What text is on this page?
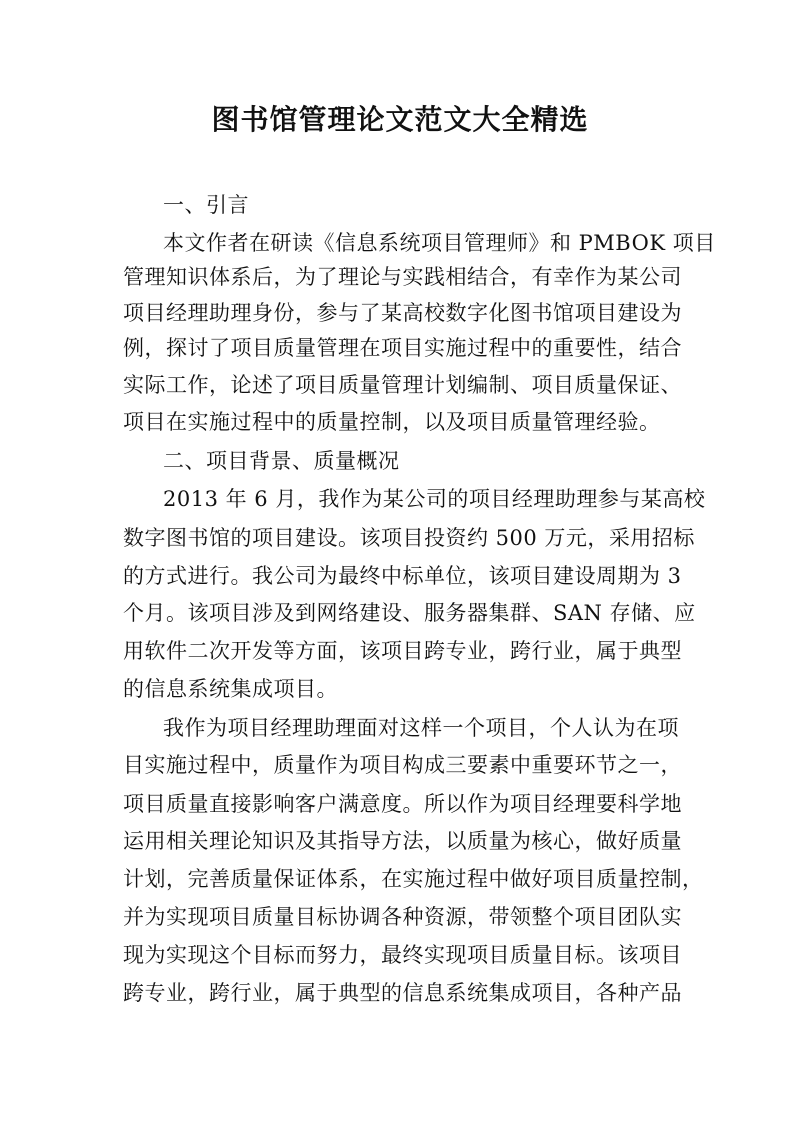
图书馆管理论文范文大全精选
一、引言
本文作者在研读《信息系统项目管理师》和 PMBOK 项目
管理知识体系后，为了理论与实践相结合，有幸作为某公司
项目经理助理身份，参与了某高校数字化图书馆项目建设为
例，探讨了项目质量管理在项目实施过程中的重要性，结合
实际工作，论述了项目质量管理计划编制、项目质量保证、
项目在实施过程中的质量控制，以及项目质量管理经验。
二、项目背景、质量概况
2013 年 6 月，我作为某公司的项目经理助理参与某高校
数字图书馆的项目建设。该项目投资约 500 万元，采用招标
的方式进行。我公司为最终中标单位，该项目建设周期为 3
个月。该项目涉及到网络建设、服务器集群、SAN 存储、应
用软件二次开发等方面，该项目跨专业，跨行业，属于典型
的信息系统集成项目。
我作为项目经理助理面对这样一个项目，个人认为在项
目实施过程中，质量作为项目构成三要素中重要环节之一，
项目质量直接影响客户满意度。所以作为项目经理要科学地
运用相关理论知识及其指导方法，以质量为核心，做好质量
计划，完善质量保证体系，在实施过程中做好项目质量控制，
并为实现项目质量目标协调各种资源，带领整个项目团队实
现为实现这个目标而努力，最终实现项目质量目标。该项目
跨专业，跨行业，属于典型的信息系统集成项目，各种产品
